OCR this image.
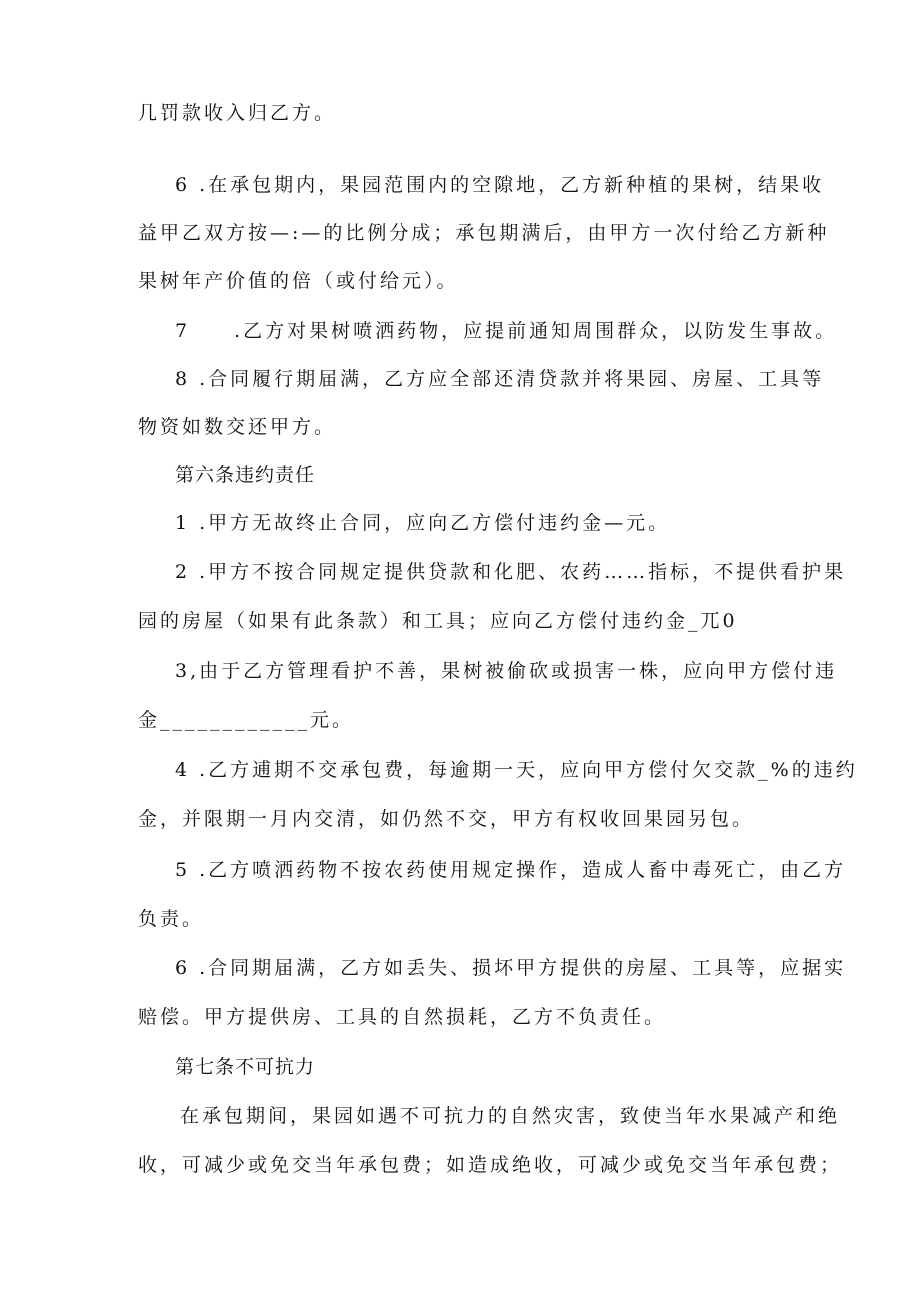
几罚款收入归乙方。
6 .在承包期内，果园范围内的空隙地，乙方新种植的果树，结果收
益甲乙双方按—:—的比例分成；承包期满后，由甲方一次付给乙方新种
果树年产价值的倍（或付给元）。
7　　.乙方对果树喷洒药物，应提前通知周围群众，以防发生事故。
8 .合同履行期届满，乙方应全部还清贷款并将果园、房屋、工具等
物资如数交还甲方。
第六条违约责任
1 .甲方无故终止合同，应向乙方偿付违约金—元。
2 .甲方不按合同规定提供贷款和化肥、农药……指标，不提供看护果
园的房屋（如果有此条款）和工具；应向乙方偿付违约金_兀0
3,由于乙方管理看护不善，果树被偷砍或损害一株，应向甲方偿付违
金____________元。
4 .乙方逋期不交承包费，每逾期一天，应向甲方偿付欠交款_%的违约
金，并限期一月内交清，如仍然不交，甲方有权收回果园另包。
5 .乙方喷洒药物不按农药使用规定操作，造成人畜中毒死亡，由乙方
负责。
6 .合同期届满，乙方如丢失、损坏甲方提供的房屋、工具等，应据实
赔偿。甲方提供房、工具的自然损耗，乙方不负责任。
第七条不可抗力
在承包期间，果园如遇不可抗力的自然灾害，致使当年水果减产和绝
收，可减少或免交当年承包费；如造成绝收，可减少或免交当年承包费；
